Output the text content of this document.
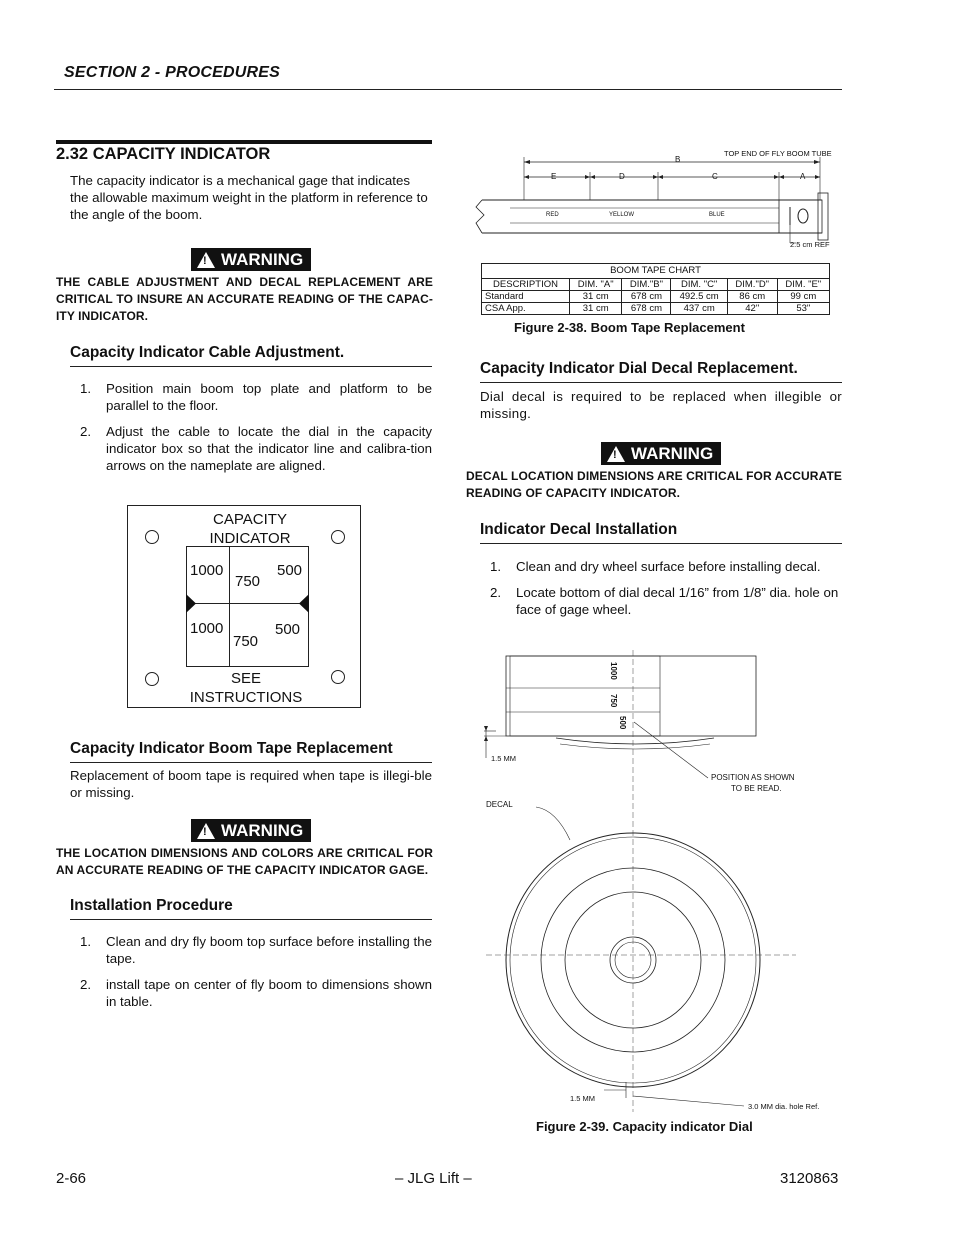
SECTION 2 - PROCEDURES
2.32 CAPACITY INDICATOR

The capacity indicator is a mechanical gage that indicates the allowable maximum weight in the platform in reference to the angle of the boom.

! WARNING
THE CABLE ADJUSTMENT AND DECAL REPLACEMENT ARE CRITICAL TO INSURE AN ACCURATE READING OF THE CAPAC-ITY INDICATOR.
Capacity Indicator Cable Adjustment.
1. Position main boom top plate and platform to be parallel to the floor.
2. Adjust the cable to locate the dial in the capacity indicator box so that the indicator line and calibra-tion arrows on the nameplate are aligned.
CAPACITY
INDICATOR
1000
750
500
1000
750
500
SEE
INSTRUCTIONS
Capacity Indicator Boom Tape Replacement

Replacement of boom tape is required when tape is illegi-ble or missing.

! WARNING
THE LOCATION DIMENSIONS AND COLORS ARE CRITICAL FOR AN ACCURATE READING OF THE CAPACITY INDICATOR GAGE.
Installation Procedure
1. Clean and dry fly boom top surface before installing the tape.
2. install tape on center of fly boom to dimensions shown in table.
TOP END OF FLY BOOM TUBE
B
E	D	C	A
RED	YELLOW	BLUE
2.5 cm REF
BOOM TAPE CHART
DESCRIPTION	DIM. "A"	DIM."B"	DIM. "C"	DIM."D"	DIM. "E"
Standard	31 cm	678 cm	492.5 cm	86 cm	99 cm
CSA App.	31 cm	678 cm	437 cm	42"	53"
Figure 2-38. Boom Tape Replacement
Capacity Indicator Dial Decal Replacement.

Dial decal is required to be replaced when illegible or missing.

! WARNING
DECAL LOCATION DIMENSIONS ARE CRITICAL FOR ACCURATE READING OF CAPACITY INDICATOR.
Indicator Decal Installation
1. Clean and dry wheel surface before installing decal.
2. Locate bottom of dial decal 1/16” from 1/8” dia. hole on face of gage wheel.
1000
750
500
1.5 MM
POSITION AS SHOWN
TO BE READ.
DECAL
1.5 MM
3.0 MM dia. hole Ref.
Figure 2-39. Capacity indicator Dial
2-66	– JLG Lift –	3120863
